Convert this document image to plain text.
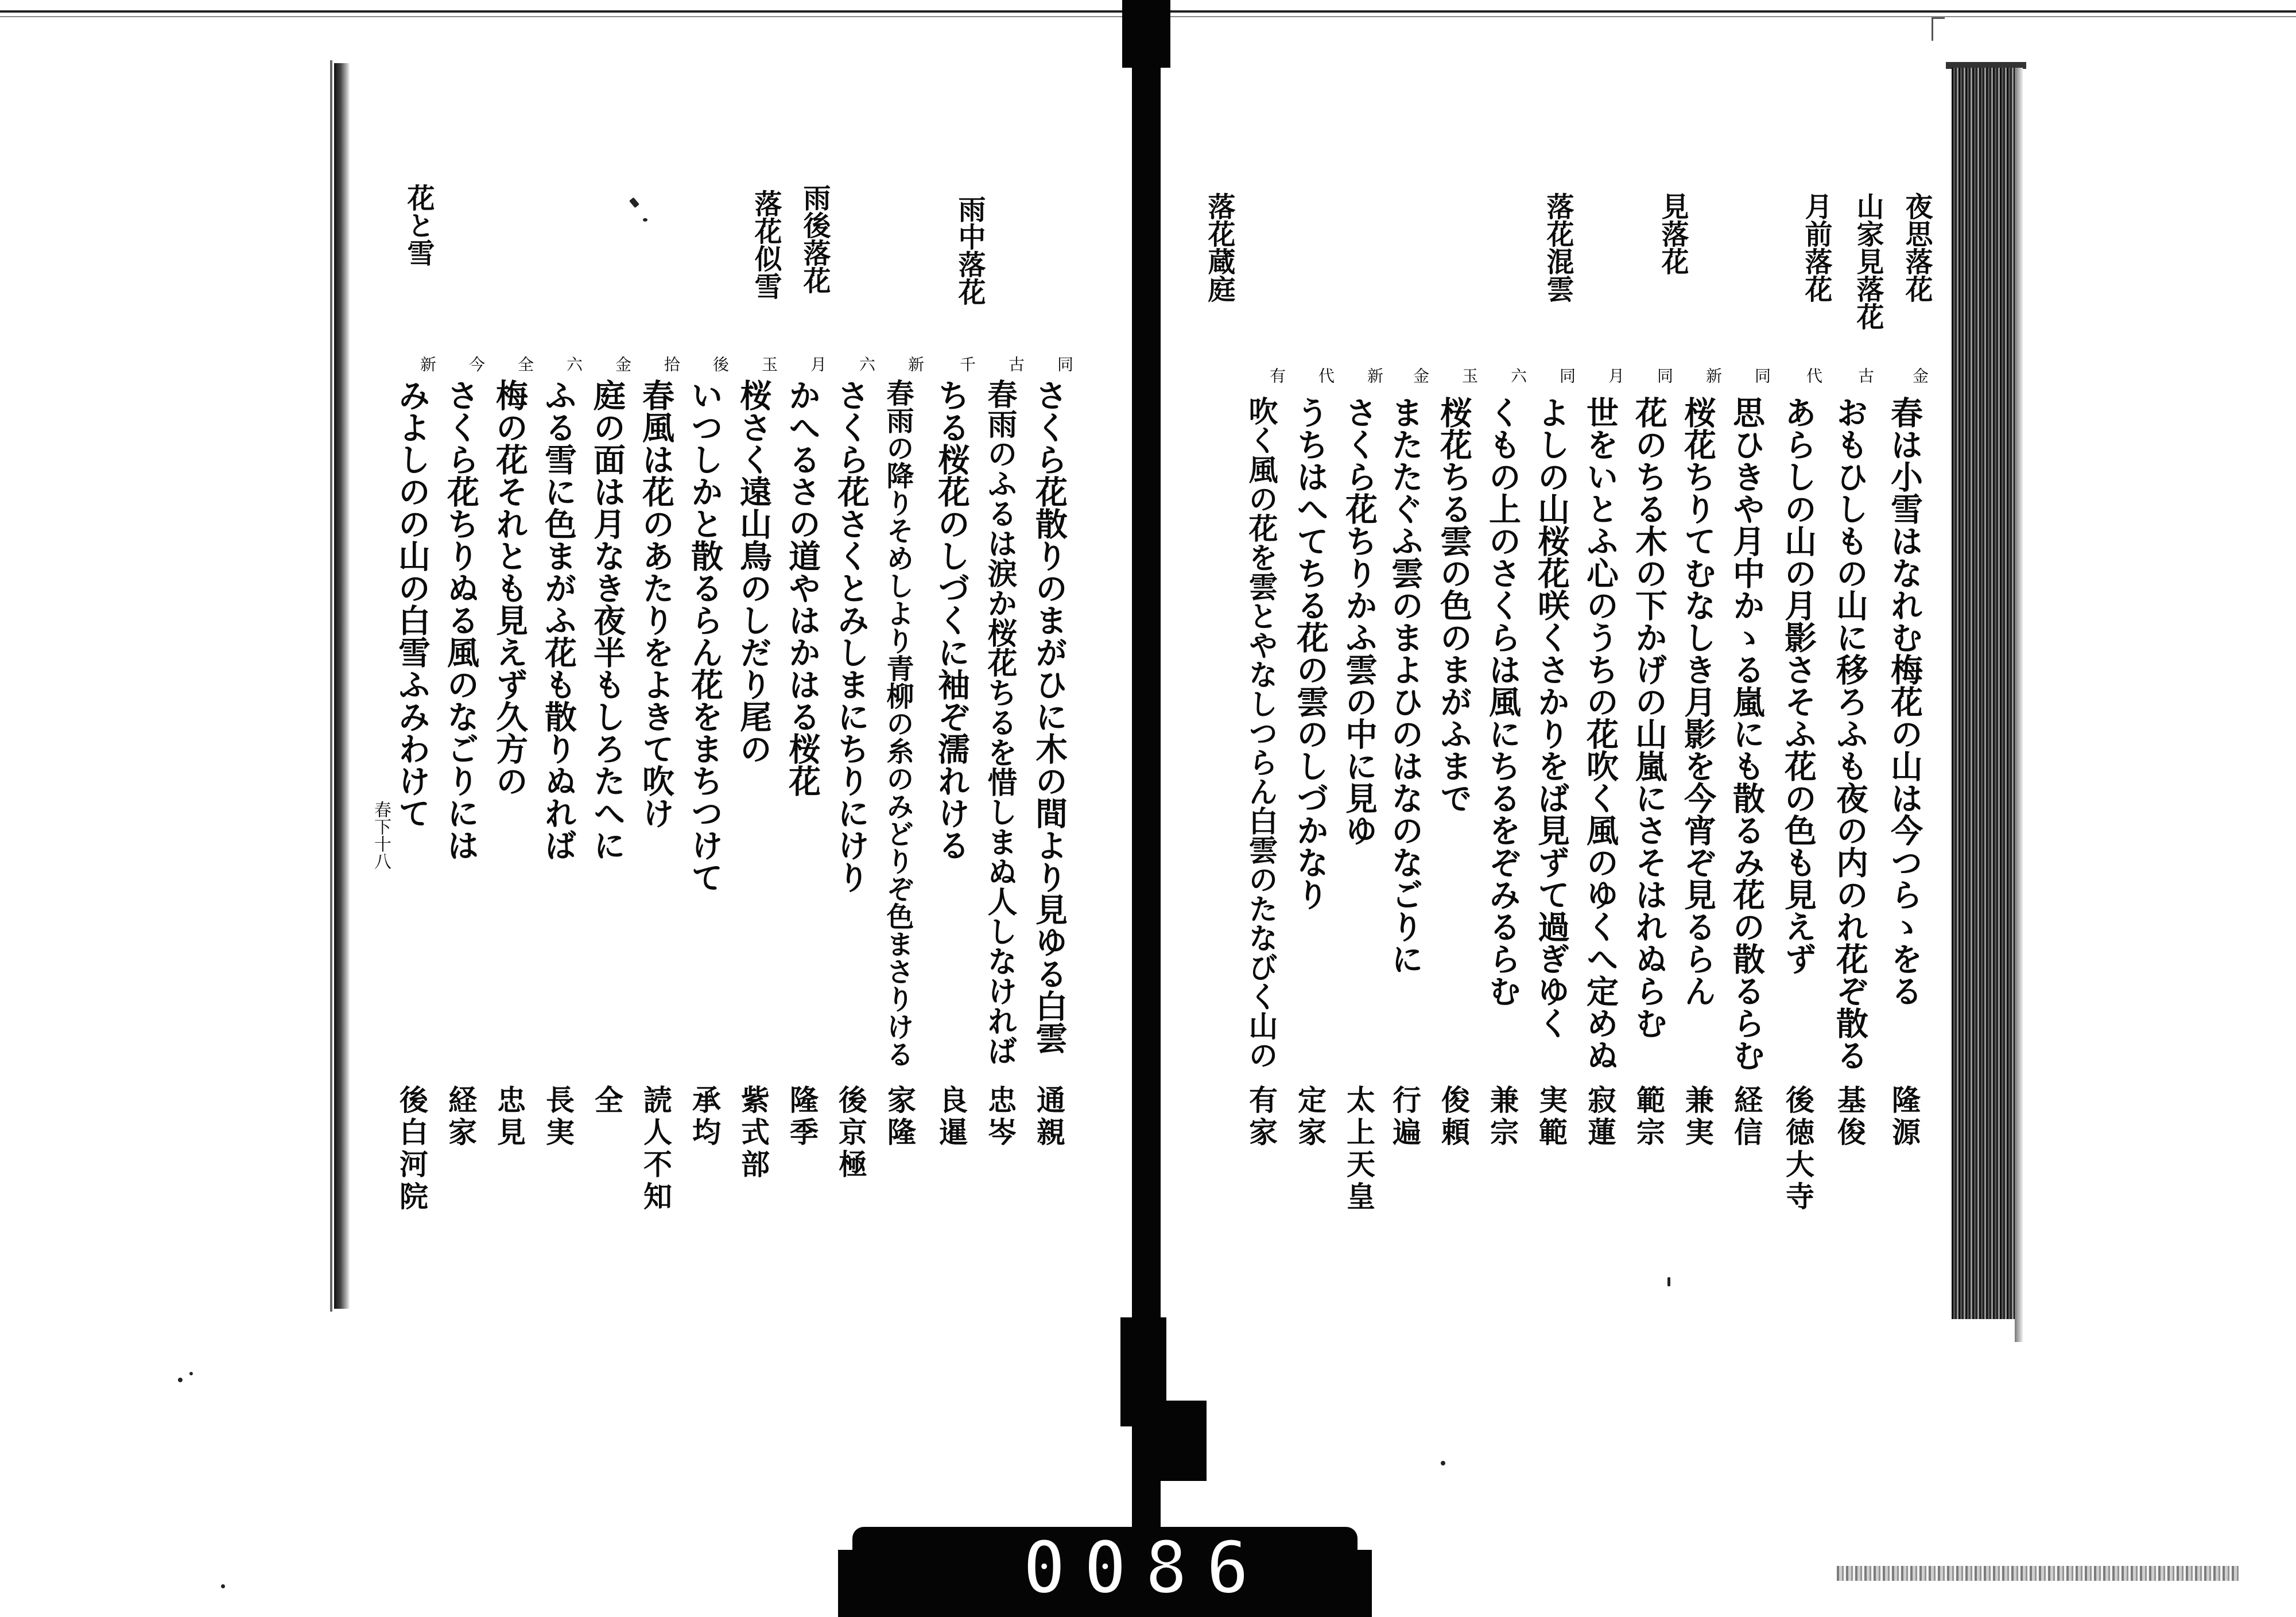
0086
春下十八
夜思落花
山家見落花
月前落花
見落花
落花混雲
落花蔵庭
金
春は小雪はなれむ梅花の山は今つらゝをる
隆源
古
おもひしもの山に移ろふも夜の内のれ花ぞ散る
基俊
代
あらしの山の月影さそふ花の色も見えず
後徳大寺
同
思ひきや月中かゝる嵐にも散るみ花の散るらむ
経信
新
桜花ちりてむなしき月影を今宵ぞ見るらん
兼実
同
花のちる木の下かげの山嵐にさそはれぬらむ
範宗
月
世をいとふ心のうちの花吹く風のゆくへ定めぬ
寂蓮
同
よしの山桜花咲くさかりをば見ずて過ぎゆく
実範
六
くもの上のさくらは風にちるをぞみるらむ
兼宗
玉
桜花ちる雲の色のまがふまで
俊頼
金
またたぐふ雲のまよひのはなのなごりに
行遍
新
さくら花ちりかふ雲の中に見ゆ
太上天皇
代
うちはへてちる花の雲のしづかなり
定家
有
吹く風の花を雲とやなしつらん白雲のたなびく山の
有家
雨中落花
雨後落花
落花似雪
花と雪
同
さくら花散りのまがひに木の間より見ゆる白雲
通親
古
春雨のふるは涙か桜花ちるを惜しまぬ人しなければ
忠岑
千
ちる桜花のしづくに袖ぞ濡れける
良暹
新
春雨の降りそめしより青柳の糸のみどりぞ色まさりける
家隆
六
さくら花さくとみしまにちりにけり
後京極
月
かへるさの道やはかはる桜花
隆季
玉
桜さく遠山鳥のしだり尾の
紫式部
後
いつしかと散るらん花をまちつけて
承均
拾
春風は花のあたりをよきて吹け
読人不知
金
庭の面は月なき夜半もしろたへに
全
六
ふる雪に色まがふ花も散りぬれば
長実
全
梅の花それとも見えず久方の
忠見
今
さくら花ちりぬる風のなごりには
経家
新
みよしのの山の白雪ふみわけて
後白河院
